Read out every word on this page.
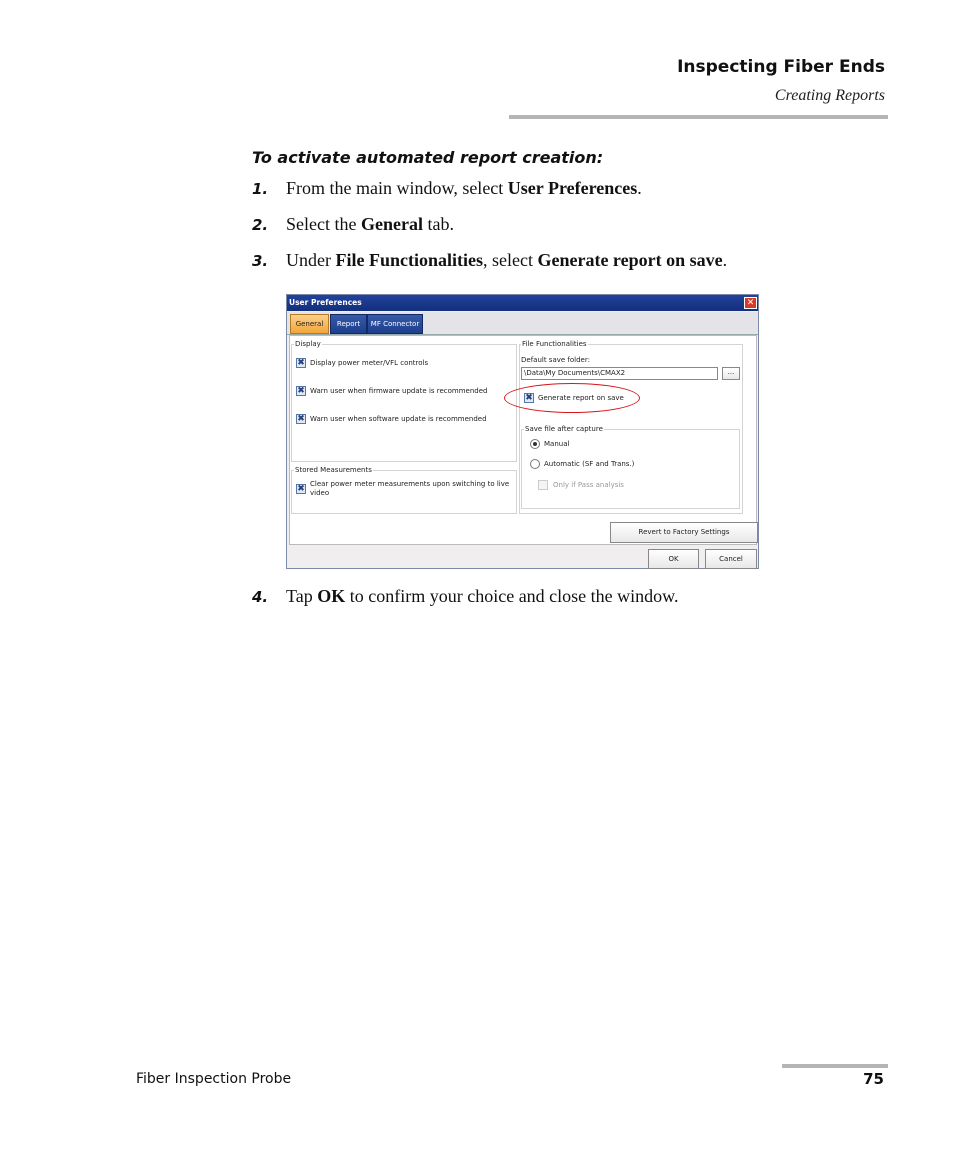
Inspecting Fiber Ends
Creating Reports
To activate automated report creation:
1. From the main window, select User Preferences.
2. Select the General tab.
3. Under File Functionalities, select Generate report on save.
User Preferences	✕
General	Report	MF Connector
Display
✖ Display power meter/VFL controls
✖ Warn user when firmware update is recommended
✖ Warn user when software update is recommended
Stored Measurements
✖ Clear power meter measurements upon switching to live
video
File Functionalities
Default save folder:
\Data\My Documents\CMAX2	...
✖ Generate report on save
Save file after capture
Manual
Automatic (SF and Trans.)
Only if Pass analysis
Revert to Factory Settings
OK	Cancel
4. Tap OK to confirm your choice and close the window.
Fiber Inspection Probe	75
